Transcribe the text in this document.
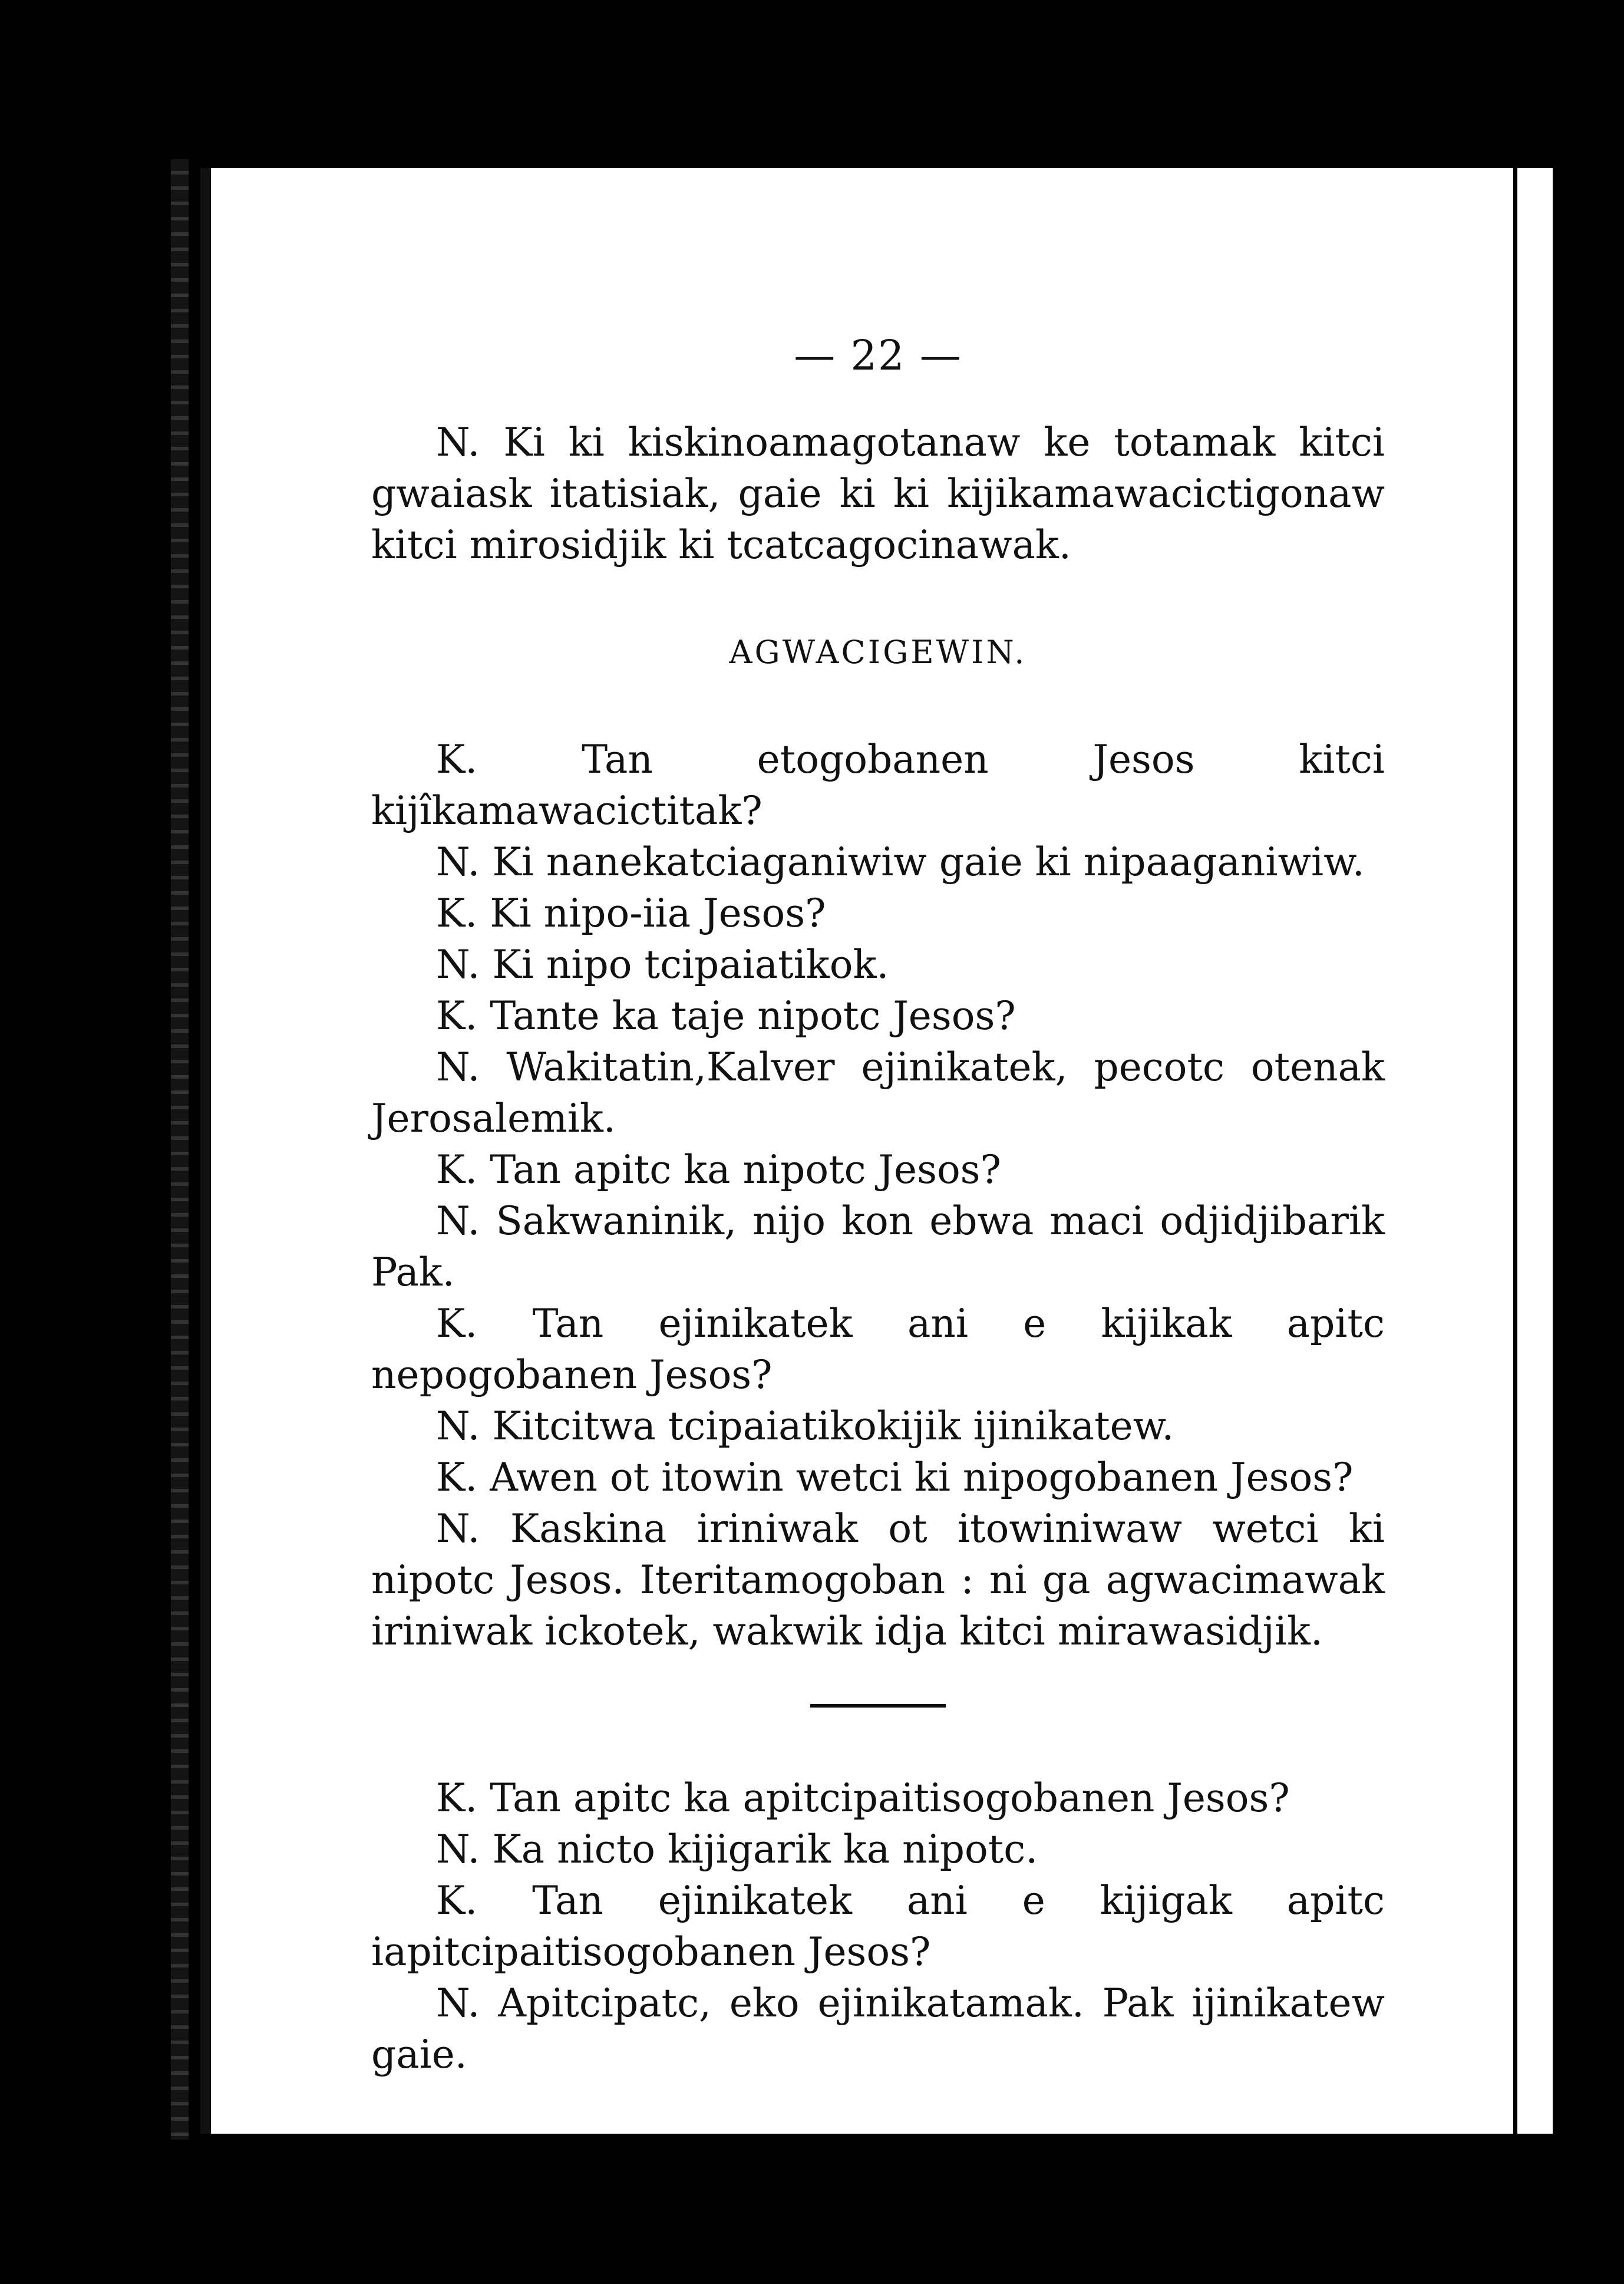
— 22 —

N. Ki ki kiskinoamagotanaw ke totamak kitci gwaiask itatisiak, gaie ki ki kijikamawacictigonaw kitci mirosidjik ki tcatcagocinawak.

AGWACIGEWIN.

K. Tan etogobanen Jesos kitci kijîkamawacictitak?

N. Ki nanekatciaganiwiw gaie ki nipaaganiwiw.

K. Ki nipo-iia Jesos?

N. Ki nipo tcipaiatikok.

K. Tante ka taje nipotc Jesos?

N. Wakitatin,Kalver ejinikatek, pecotc otenak Jerosalemik.

K. Tan apitc ka nipotc Jesos?

N. Sakwaninik, nijo kon ebwa maci odjidjibarik Pak.

K. Tan ejinikatek ani e kijikak apitc nepogobanen Jesos?

N. Kitcitwa tcipaiatikokijik ijinikatew.

K. Awen ot itowin wetci ki nipogobanen Jesos?

N. Kaskina iriniwak ot itowiniwaw wetci ki nipotc Jesos. Iteritamogoban : ni ga agwacimawak iriniwak ickotek, wakwik idja kitci mirawasidjik.

K. Tan apitc ka apitcipaitisogobanen Jesos?

N. Ka nicto kijigarik ka nipotc.

K. Tan ejinikatek ani e kijigak apitc iapitcipaitisogobanen Jesos?

N. Apitcipatc, eko ejinikatamak. Pak ijinikatew gaie.
